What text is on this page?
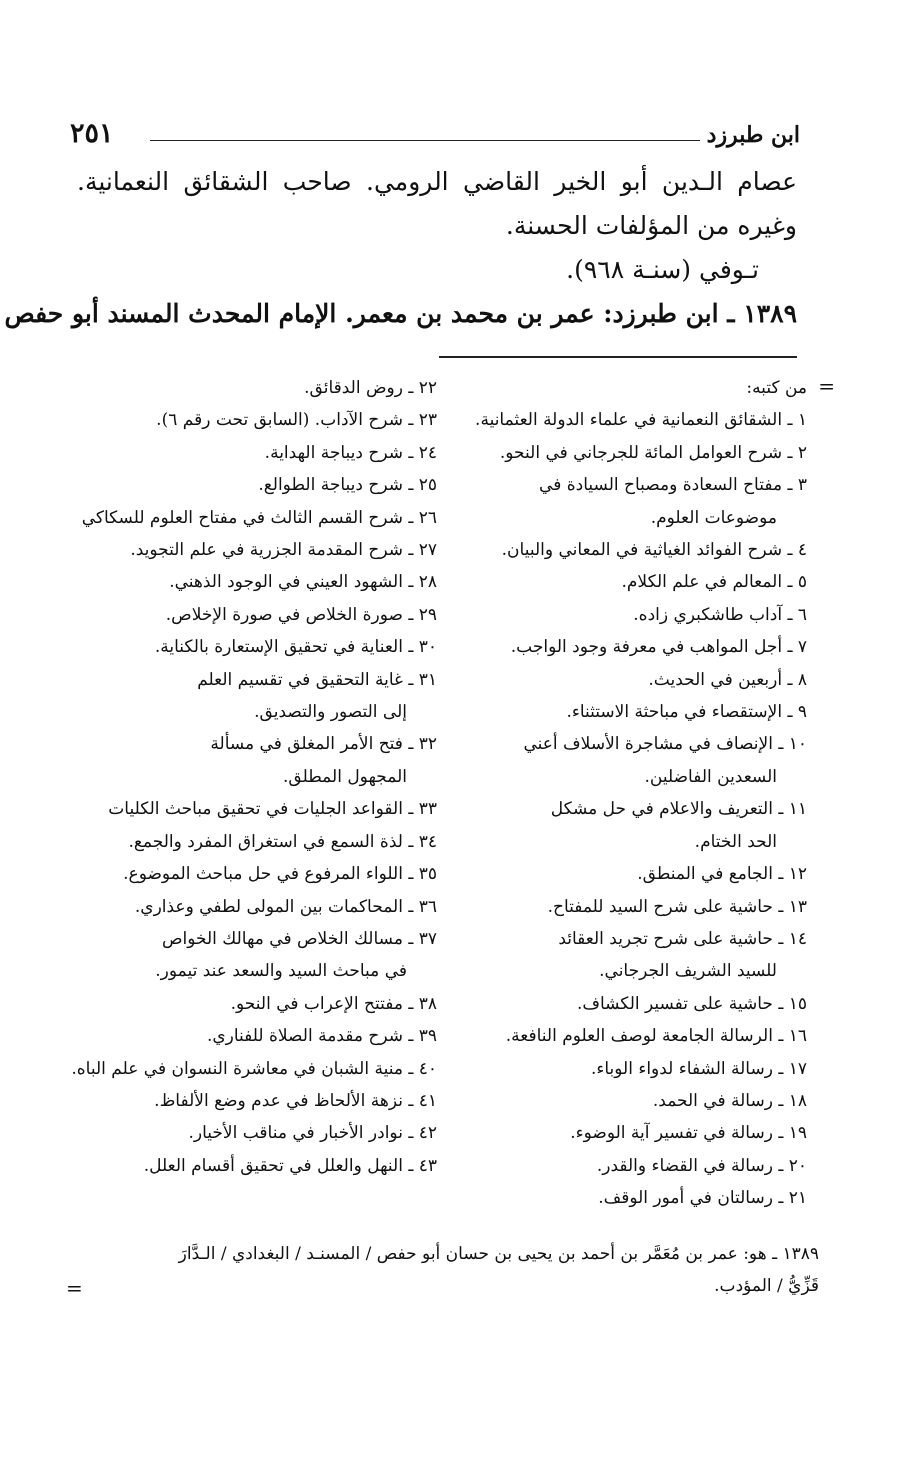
ابن طبرزد
٢٥١

عصام الـدين أبو الخير القاضي الرومي. صاحب الشقائق النعمانية. وغيره من المؤلفات الحسنة.

تـوفي (سنـة ٩٦٨).

١٣٨٩ ـ ابن طبرزد: عمر بن محمد بن معمر. الإمام المحدث المسند أبو حفص
=
من كتبه:
١ ـ الشقائق النعمانية في علماء الدولة العثمانية.
٢ ـ شرح العوامل المائة للجرجاني في النحو.
٣ ـ مفتاح السعادة ومصباح السيادة في
موضوعات العلوم.
٤ ـ شرح الفوائد الغياثية في المعاني والبيان.
٥ ـ المعالم في علم الكلام.
٦ ـ آداب طاشكبري زاده.
٧ ـ أجل المواهب في معرفة وجود الواجب.
٨ ـ أربعين في الحديث.
٩ ـ الإستقصاء في مباحثة الاستثناء.
١٠ ـ الإنصاف في مشاجرة الأسلاف أعني
السعدين الفاضلين.
١١ ـ التعريف والاعلام في حل مشكل
الحد الختام.
١٢ ـ الجامع في المنطق.
١٣ ـ حاشية على شرح السيد للمفتاح.
١٤ ـ حاشية على شرح تجريد العقائد
للسيد الشريف الجرجاني.
١٥ ـ حاشية على تفسير الكشاف.
١٦ ـ الرسالة الجامعة لوصف العلوم النافعة.
١٧ ـ رسالة الشفاء لدواء الوباء.
١٨ ـ رسالة في الحمد.
١٩ ـ رسالة في تفسير آية الوضوء.
٢٠ ـ رسالة في القضاء والقدر.
٢١ ـ رسالتان في أمور الوقف.
٢٢ ـ روض الدقائق.
٢٣ ـ شرح الآداب. (السابق تحت رقم ٦).
٢٤ ـ شرح ديباجة الهداية.
٢٥ ـ شرح ديباجة الطوالع.
٢٦ ـ شرح القسم الثالث في مفتاح العلوم للسكاكي
٢٧ ـ شرح المقدمة الجزرية في علم التجويد.
٢٨ ـ الشهود العيني في الوجود الذهني.
٢٩ ـ صورة الخلاص في صورة الإخلاص.
٣٠ ـ العناية في تحقيق الإستعارة بالكناية.
٣١ ـ غاية التحقيق في تقسيم العلم
إلى التصور والتصديق.
٣٢ ـ فتح الأمر المغلق في مسألة
المجهول المطلق.
٣٣ ـ القواعد الجليات في تحقيق مباحث الكليات
٣٤ ـ لذة السمع في استغراق المفرد والجمع.
٣٥ ـ اللواء المرفوع في حل مباحث الموضوع.
٣٦ ـ المحاكمات بين المولى لطفي وعذاري.
٣٧ ـ مسالك الخلاص في مهالك الخواص
في مباحث السيد والسعد عند تيمور.
٣٨ ـ مفتتح الإعراب في النحو.
٣٩ ـ شرح مقدمة الصلاة للفناري.
٤٠ ـ منية الشبان في معاشرة النسوان في علم الباه.
٤١ ـ نزهة الألحاظ في عدم وضع الألفاظ.
٤٢ ـ نوادر الأخبار في مناقب الأخيار.
٤٣ ـ النهل والعلل في تحقيق أقسام العلل.

١٣٨٩ ـ هو: عمر بن مُعَمَّر بن أحمد بن يحيى بن حسان أبو حفص / المسنـد / البغدادي / الـدَّارَ

قَزِّيُّ / المؤدب.

=
